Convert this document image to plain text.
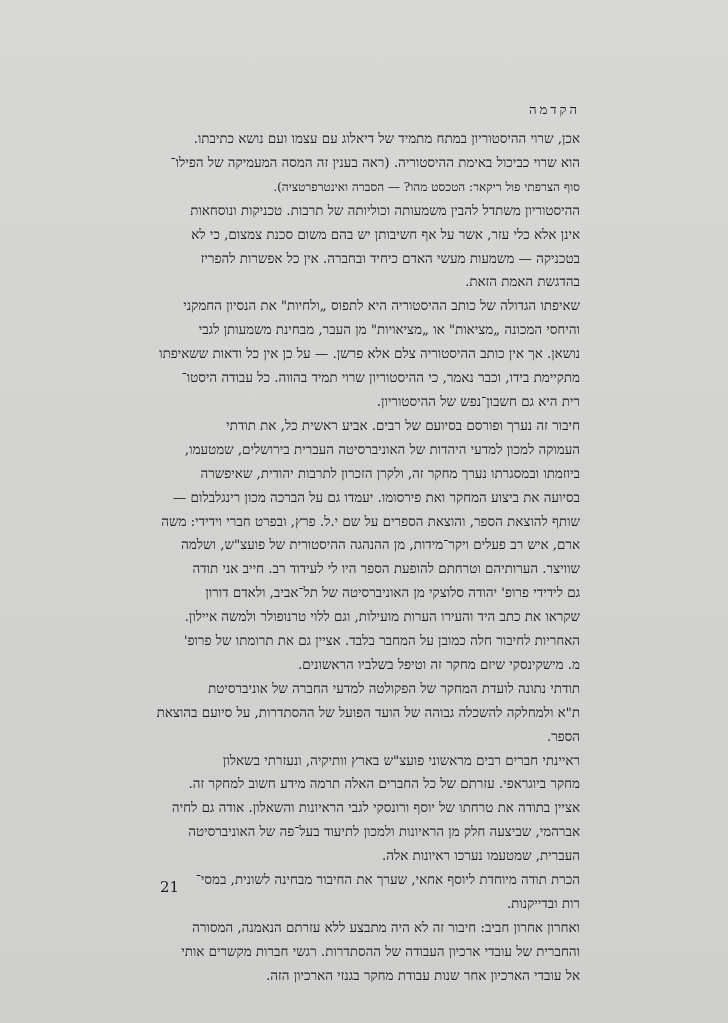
הקדמה

אכן, שרוי ההיסטוריון במתח מתמיד של דיאלוג עם עצמו ועם נושא כתיבתו.
הוא שרוי כביכול באימת ההיסטוריה. (ראה בענין זה המסה המעמיקה של הפילו־
סוף הצרפתי פול ריקאר: הטכסט מהו? — הסברה ואינטרפרטציה).

ההיסטוריון משתדל להבין משמעותה וכוליותה של תרבות. טכניקות ונוסחאות
אינן אלא כלי עזר, אשר על אף חשיבותן יש בהם משום סכנת צמצום, כי לא
בטכניקה — משמעות מעשי האדם כיחיד ובחברה. אין כל אפשרות להפריז
בהדגשת האמת הזאת.

שאיפתו הגדולה של כותב ההיסטוריה היא לתפוס „ולחיות" את הנסיון החמקני
והיחסי המכונה „מציאות" או „מציאויות" מן העבר, מבחינת משמעותן לגבי
נושאן. אך אין כותב ההיסטוריה צלם אלא פרשן. — על כן אין כל ודאות ששאיפתו
מתקיימת בידו, וכבר נאמר, כי ההיסטוריון שרוי תמיד בהווה. כל עבודה היסטו־
רית היא גם חשבון־נפש של ההיסטוריון.

חיבור זה נערך ופורסם בסיועם של רבים. אביע ראשית כל, את תודתי
העמוקה למכון למדעי היהדות של האוניברסיטה העברית בירושלים, שמטעמו,
ביוזמתו ובמסגרתו נערך מחקר זה, ולקרן הזכרון לתרבות יהודית, שאיפשרה
בסיועה את ביצוע המחקר ואת פירסומו. יעמדו גם על הברכה מכון רינגלבלום —
שותף להוצאת הספר, והוצאת הספרים על שם י.ל. פרץ, ובפרט חברי וידידי: משה
ארם, איש רב פעלים ויקר־מידות, מן ההנהגה ההיסטורית של פועצ"ש, ושלמה
שוויצר. הערותיהם וטרחתם להופעת הספר היו לי לעידוד רב. חייב אני תודה
גם לידידי פרופ' יהודה סלוצקי מן האוניברסיטה של תל־אביב, ולאדם דורון
שקראו את כתב היד והעירו הערות מועילות, וגם ללוי טרנופולר ולמשה איילון.
האחריות לחיבור חלה כמובן על המחבר בלבד. אציין גם את תרומתו של פרופ'
מ. מישקינסקי שיזם מחקר זה וטיפל בשלביו הראשונים.

תודתי נתונה לועדת המחקר של הפקולטה למדעי החברה של אוניברסיטת
ת"א ולמחלקה להשכלה גבוהה של הועד הפועל של ההסתדרות, על סיועם בהוצאת
הספר.

ראיינתי חברים רבים מראשוני פועצ"ש בארץ וותיקיה, ונעזרתי בשאלון
מחקר ביוגראפי. עזרתם של כל החברים האלה תרמה מידע חשוב למחקר זה.
אציין בתודה את טרחתו של יוסף ורונסקי לגבי הראיונות והשאלון. אודה גם לחיה
אברהמי, שביצעה חלק מן הראיונות ולמכון לתיעוד בעל־פה של האוניברסיטה
העברית, שמטעמו נערכו ראיונות אלה.

הכרת תודה מיוחדת ליוסף אחאי, שערך את החיבור מבחינה לשונית, במסי־
רות ובדייקנות.

ואחרון אחרון חביב: חיבור זה לא היה מתבצע ללא עזרתם הנאמנה, המסורה
והחברית של עובדי ארכיון העבודה של ההסתדרות. רגשי חברות מקשרים אותי
אל עובדי הארכיון אחר שנות עבודת מחקר בגנזי הארכיון הזה.

21
